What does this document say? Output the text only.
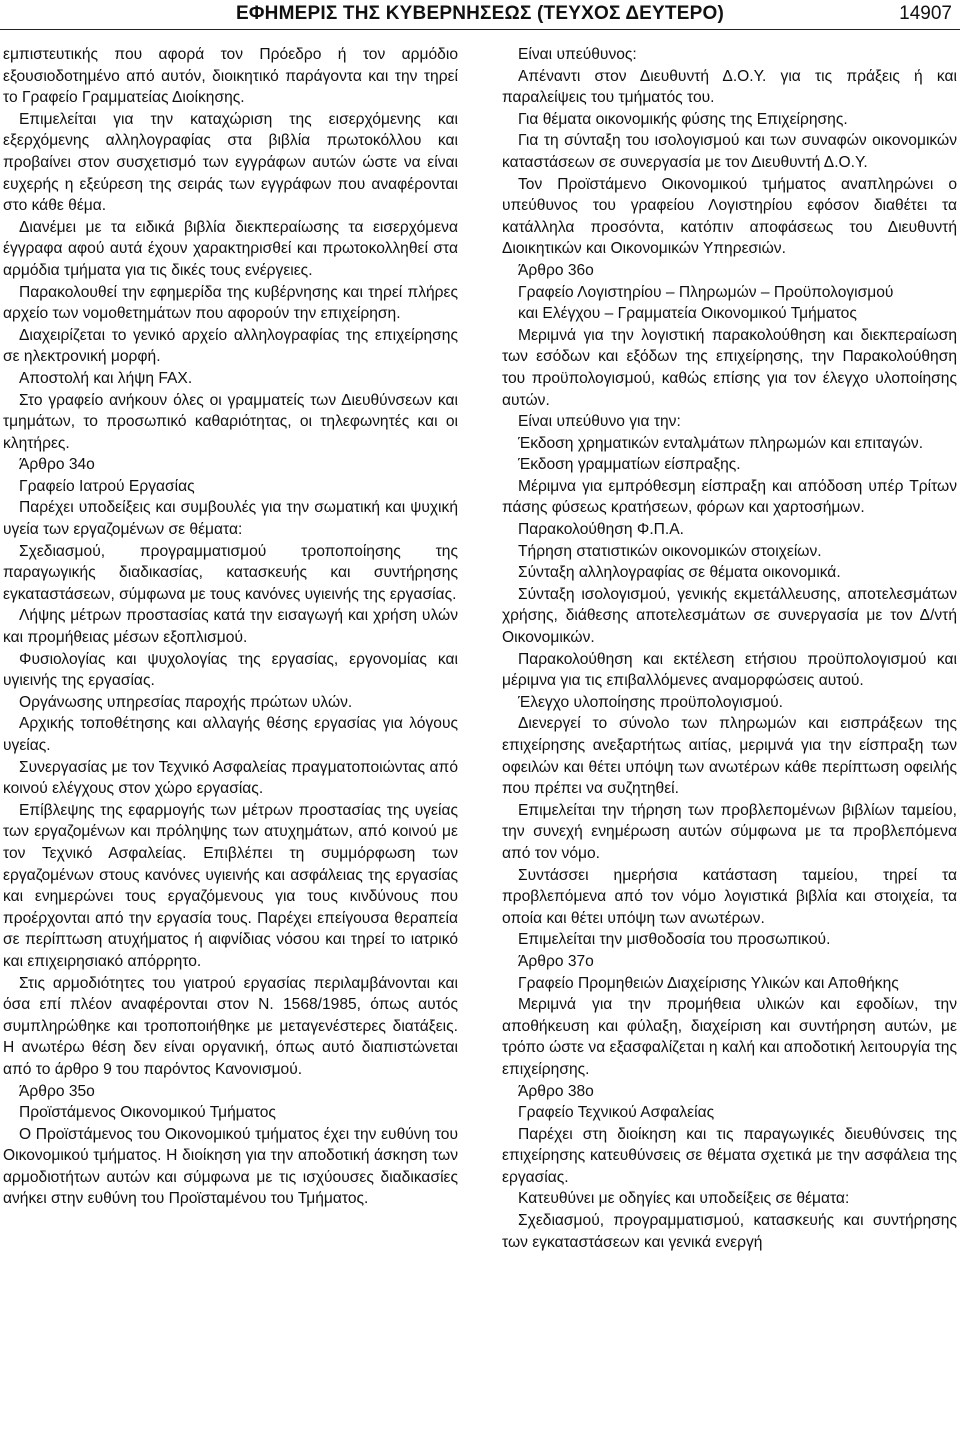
ΕΦΗΜΕΡΙΣ ΤΗΣ ΚΥΒΕΡΝΗΣΕΩΣ (ΤΕΥΧΟΣ ΔΕΥΤΕΡΟ)	14907

εμπιστευτικής που αφορά τον Πρόεδρο ή τον αρμόδιο εξουσιοδοτημένο από αυτόν, διοικητικό παράγοντα και την τηρεί το Γραφείο Γραμματείας Διοίκησης.

Επιμελείται για την καταχώριση της εισερχόμενης και εξερχόμενης αλληλογραφίας στα βιβλία πρωτοκόλλου και προβαίνει στον συσχετισμό των εγγράφων αυτών ώστε να είναι ευχερής η εξεύρεση της σειράς των εγγράφων που αναφέρονται στο κάθε θέμα.

Διανέμει με τα ειδικά βιβλία διεκπεραίωσης τα εισερχόμενα έγγραφα αφού αυτά έχουν χαρακτηρισθεί και πρωτοκολληθεί στα αρμόδια τμήματα για τις δικές τους ενέργειες.

Παρακολουθεί την εφημερίδα της κυβέρνησης και τηρεί πλήρες αρχείο των νομοθετημάτων που αφορούν την επιχείρηση.

Διαχειρίζεται το γενικό αρχείο αλληλογραφίας της επιχείρησης σε ηλεκτρονική μορφή.

Αποστολή και λήψη FAX.

Στο γραφείο ανήκουν όλες οι γραμματείς των Διευθύνσεων και τμημάτων, το προσωπικό καθαριότητας, οι τηλεφωνητές και οι κλητήρες.

Άρθρο 34ο

Γραφείο Ιατρού Εργασίας

Παρέχει υποδείξεις και συμβουλές για την σωματική και ψυχική υγεία των εργαζομένων σε θέματα:

Σχεδιασμού, προγραμματισμού τροποποίησης της παραγωγικής διαδικασίας, κατασκευής και συντήρησης εγκαταστάσεων, σύμφωνα με τους κανόνες υγιεινής της εργασίας.

Λήψης μέτρων προστασίας κατά την εισαγωγή και χρήση υλών και προμήθειας μέσων εξοπλισμού.

Φυσιολογίας και ψυχολογίας της εργασίας, εργονομίας και υγιεινής της εργασίας.

Οργάνωσης υπηρεσίας παροχής πρώτων υλών.

Αρχικής τοποθέτησης και αλλαγής θέσης εργασίας για λόγους υγείας.

Συνεργασίας με τον Τεχνικό Ασφαλείας πραγματοποιώντας από κοινού ελέγχους στον χώρο εργασίας.

Επίβλεψης της εφαρμογής των μέτρων προστασίας της υγείας των εργαζομένων και πρόληψης των ατυχημάτων, από κοινού με τον Τεχνικό Ασφαλείας. Επιβλέπει τη συμμόρφωση των εργαζομένων στους κανόνες υγιεινής και ασφάλειας της εργασίας και ενημερώνει τους εργαζόμενους για τους κινδύνους που προέρχονται από την εργασία τους. Παρέχει επείγουσα θεραπεία σε περίπτωση ατυχήματος ή αιφνίδιας νόσου και τηρεί το ιατρικό και επιχειρησιακό απόρρητο.

Στις αρμοδιότητες του γιατρού εργασίας περιλαμβάνονται και όσα επί πλέον αναφέρονται στον Ν. 1568/1985, όπως αυτός συμπληρώθηκε και τροποποιήθηκε με μεταγενέστερες διατάξεις. Η ανωτέρω θέση δεν είναι οργανική, όπως αυτό διαπιστώνεται από το άρθρο 9 του παρόντος Κανονισμού.

Άρθρο 35ο

Προϊστάμενος Οικονομικού Τμήματος

Ο Προϊστάμενος του Οικονομικού τμήματος έχει την ευθύνη του Οικονομικού τμήματος. Η διοίκηση για την αποδοτική άσκηση των αρμοδιοτήτων αυτών και σύμφωνα με τις ισχύουσες διαδικασίες ανήκει στην ευθύνη του Προϊσταμένου του Τμήματος.

Είναι υπεύθυνος:

Απέναντι στον Διευθυντή Δ.Ο.Υ. για τις πράξεις ή και παραλείψεις του τμήματός του.

Για θέματα οικονομικής φύσης της Επιχείρησης.

Για τη σύνταξη του ισολογισμού και των συναφών οικονομικών καταστάσεων σε συνεργασία με τον Διευθυντή Δ.Ο.Υ.

Τον Προϊστάμενο Οικονομικού τμήματος αναπληρώνει ο υπεύθυνος του γραφείου Λογιστηρίου εφόσον διαθέτει τα κατάλληλα προσόντα, κατόπιν αποφάσεως του Διευθυντή Διοικητικών και Οικονομικών Υπηρεσιών.

Άρθρο 36ο

Γραφείο Λογιστηρίου – Πληρωμών – Προϋπολογισμού

και Ελέγχου – Γραμματεία Οικονομικού Τμήματος

Μεριμνά για την λογιστική παρακολούθηση και διεκπεραίωση των εσόδων και εξόδων της επιχείρησης, την Παρακολούθηση του προϋπολογισμού, καθώς επίσης για τον έλεγχο υλοποίησης αυτών.

Είναι υπεύθυνο για την:

Έκδοση χρηματικών ενταλμάτων πληρωμών και επιταγών.

Έκδοση γραμματίων είσπραξης.

Μέριμνα για εμπρόθεσμη είσπραξη και απόδοση υπέρ Τρίτων πάσης φύσεως κρατήσεων, φόρων και χαρτοσήμων.

Παρακολούθηση Φ.Π.Α.

Τήρηση στατιστικών οικονομικών στοιχείων.

Σύνταξη αλληλογραφίας σε θέματα οικονομικά.

Σύνταξη ισολογισμού, γενικής εκμετάλλευσης, αποτελεσμάτων χρήσης, διάθεσης αποτελεσμάτων σε συνεργασία με τον Δ/ντή Οικονομικών.

Παρακολούθηση και εκτέλεση ετήσιου προϋπολογισμού και μέριμνα για τις επιβαλλόμενες αναμορφώσεις αυτού.

Έλεγχο υλοποίησης προϋπολογισμού.

Διενεργεί το σύνολο των πληρωμών και εισπράξεων της επιχείρησης ανεξαρτήτως αιτίας, μεριμνά για την είσπραξη των οφειλών και θέτει υπόψη των ανωτέρων κάθε περίπτωση οφειλής που πρέπει να συζητηθεί.

Επιμελείται την τήρηση των προβλεπομένων βιβλίων ταμείου, την συνεχή ενημέρωση αυτών σύμφωνα με τα προβλεπόμενα από τον νόμο.

Συντάσσει ημερήσια κατάσταση ταμείου, τηρεί τα προβλεπόμενα από τον νόμο λογιστικά βιβλία και στοιχεία, τα οποία και θέτει υπόψη των ανωτέρων.

Επιμελείται την μισθοδοσία του προσωπικού.

Άρθρο 37ο

Γραφείο Προμηθειών Διαχείρισης Υλικών και Αποθήκης

Μεριμνά για την προμήθεια υλικών και εφοδίων, την αποθήκευση και φύλαξη, διαχείριση και συντήρηση αυτών, με τρόπο ώστε να εξασφαλίζεται η καλή και αποδοτική λειτουργία της επιχείρησης.

Άρθρο 38ο

Γραφείο Τεχνικού Ασφαλείας

Παρέχει στη διοίκηση και τις παραγωγικές διευθύνσεις της επιχείρησης κατευθύνσεις σε θέματα σχετικά με την ασφάλεια της εργασίας.

Κατευθύνει με οδηγίες και υποδείξεις σε θέματα:

Σχεδιασμού, προγραμματισμού, κατασκευής και συντήρησης των εγκαταστάσεων και γενικά ενεργή
